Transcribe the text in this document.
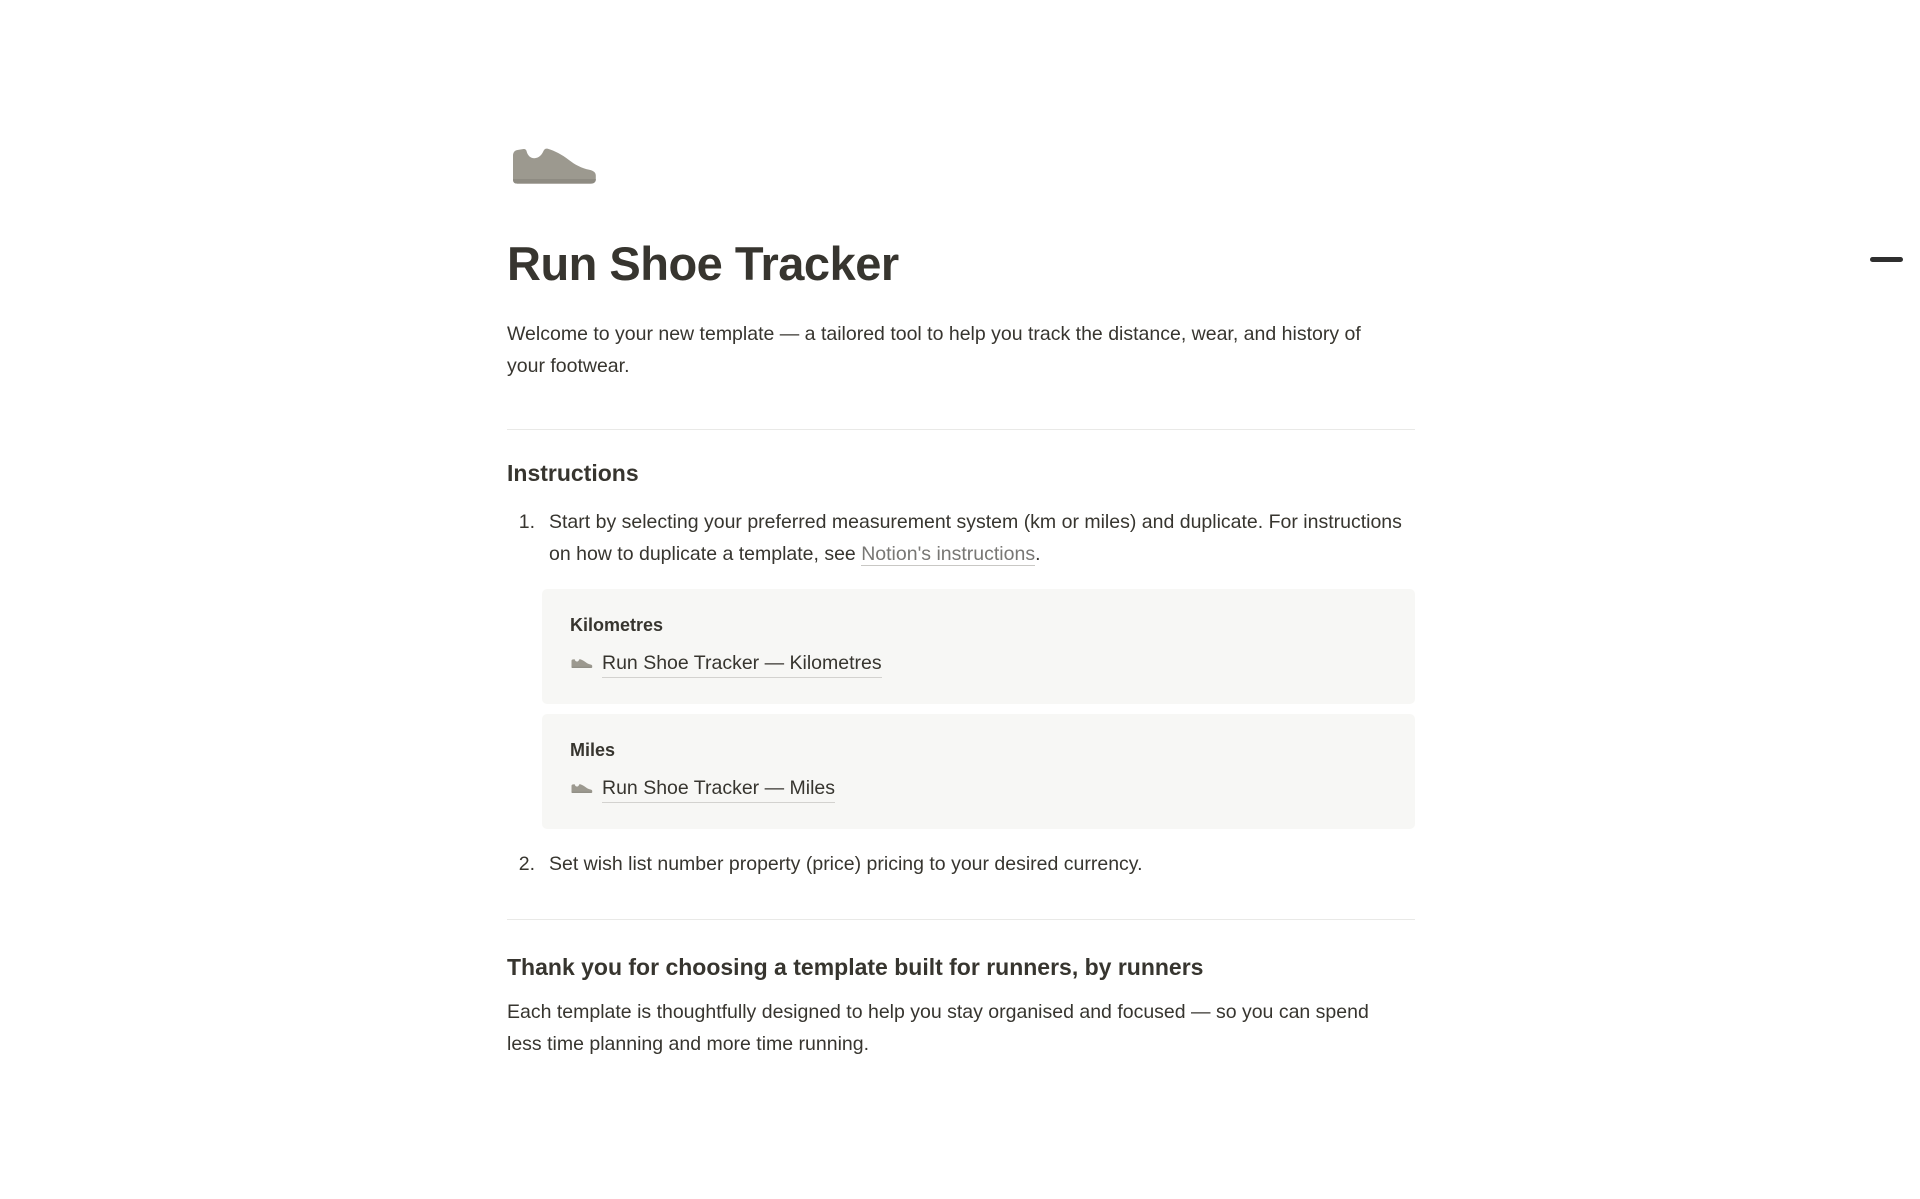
Run Shoe Tracker

Welcome to your new template — a tailored tool to help you track the distance, wear, and history of your footwear.

Instructions
1. Start by selecting your preferred measurement system (km or miles) and duplicate. For instructions on how to duplicate a template, see Notion's instructions.
Kilometres
Run Shoe Tracker — Kilometres
Miles
Run Shoe Tracker — Miles
2. Set wish list number property (price) pricing to your desired currency.
Thank you for choosing a template built for runners, by runners

Each template is thoughtfully designed to help you stay organised and focused — so you can spend less time planning and more time running.
